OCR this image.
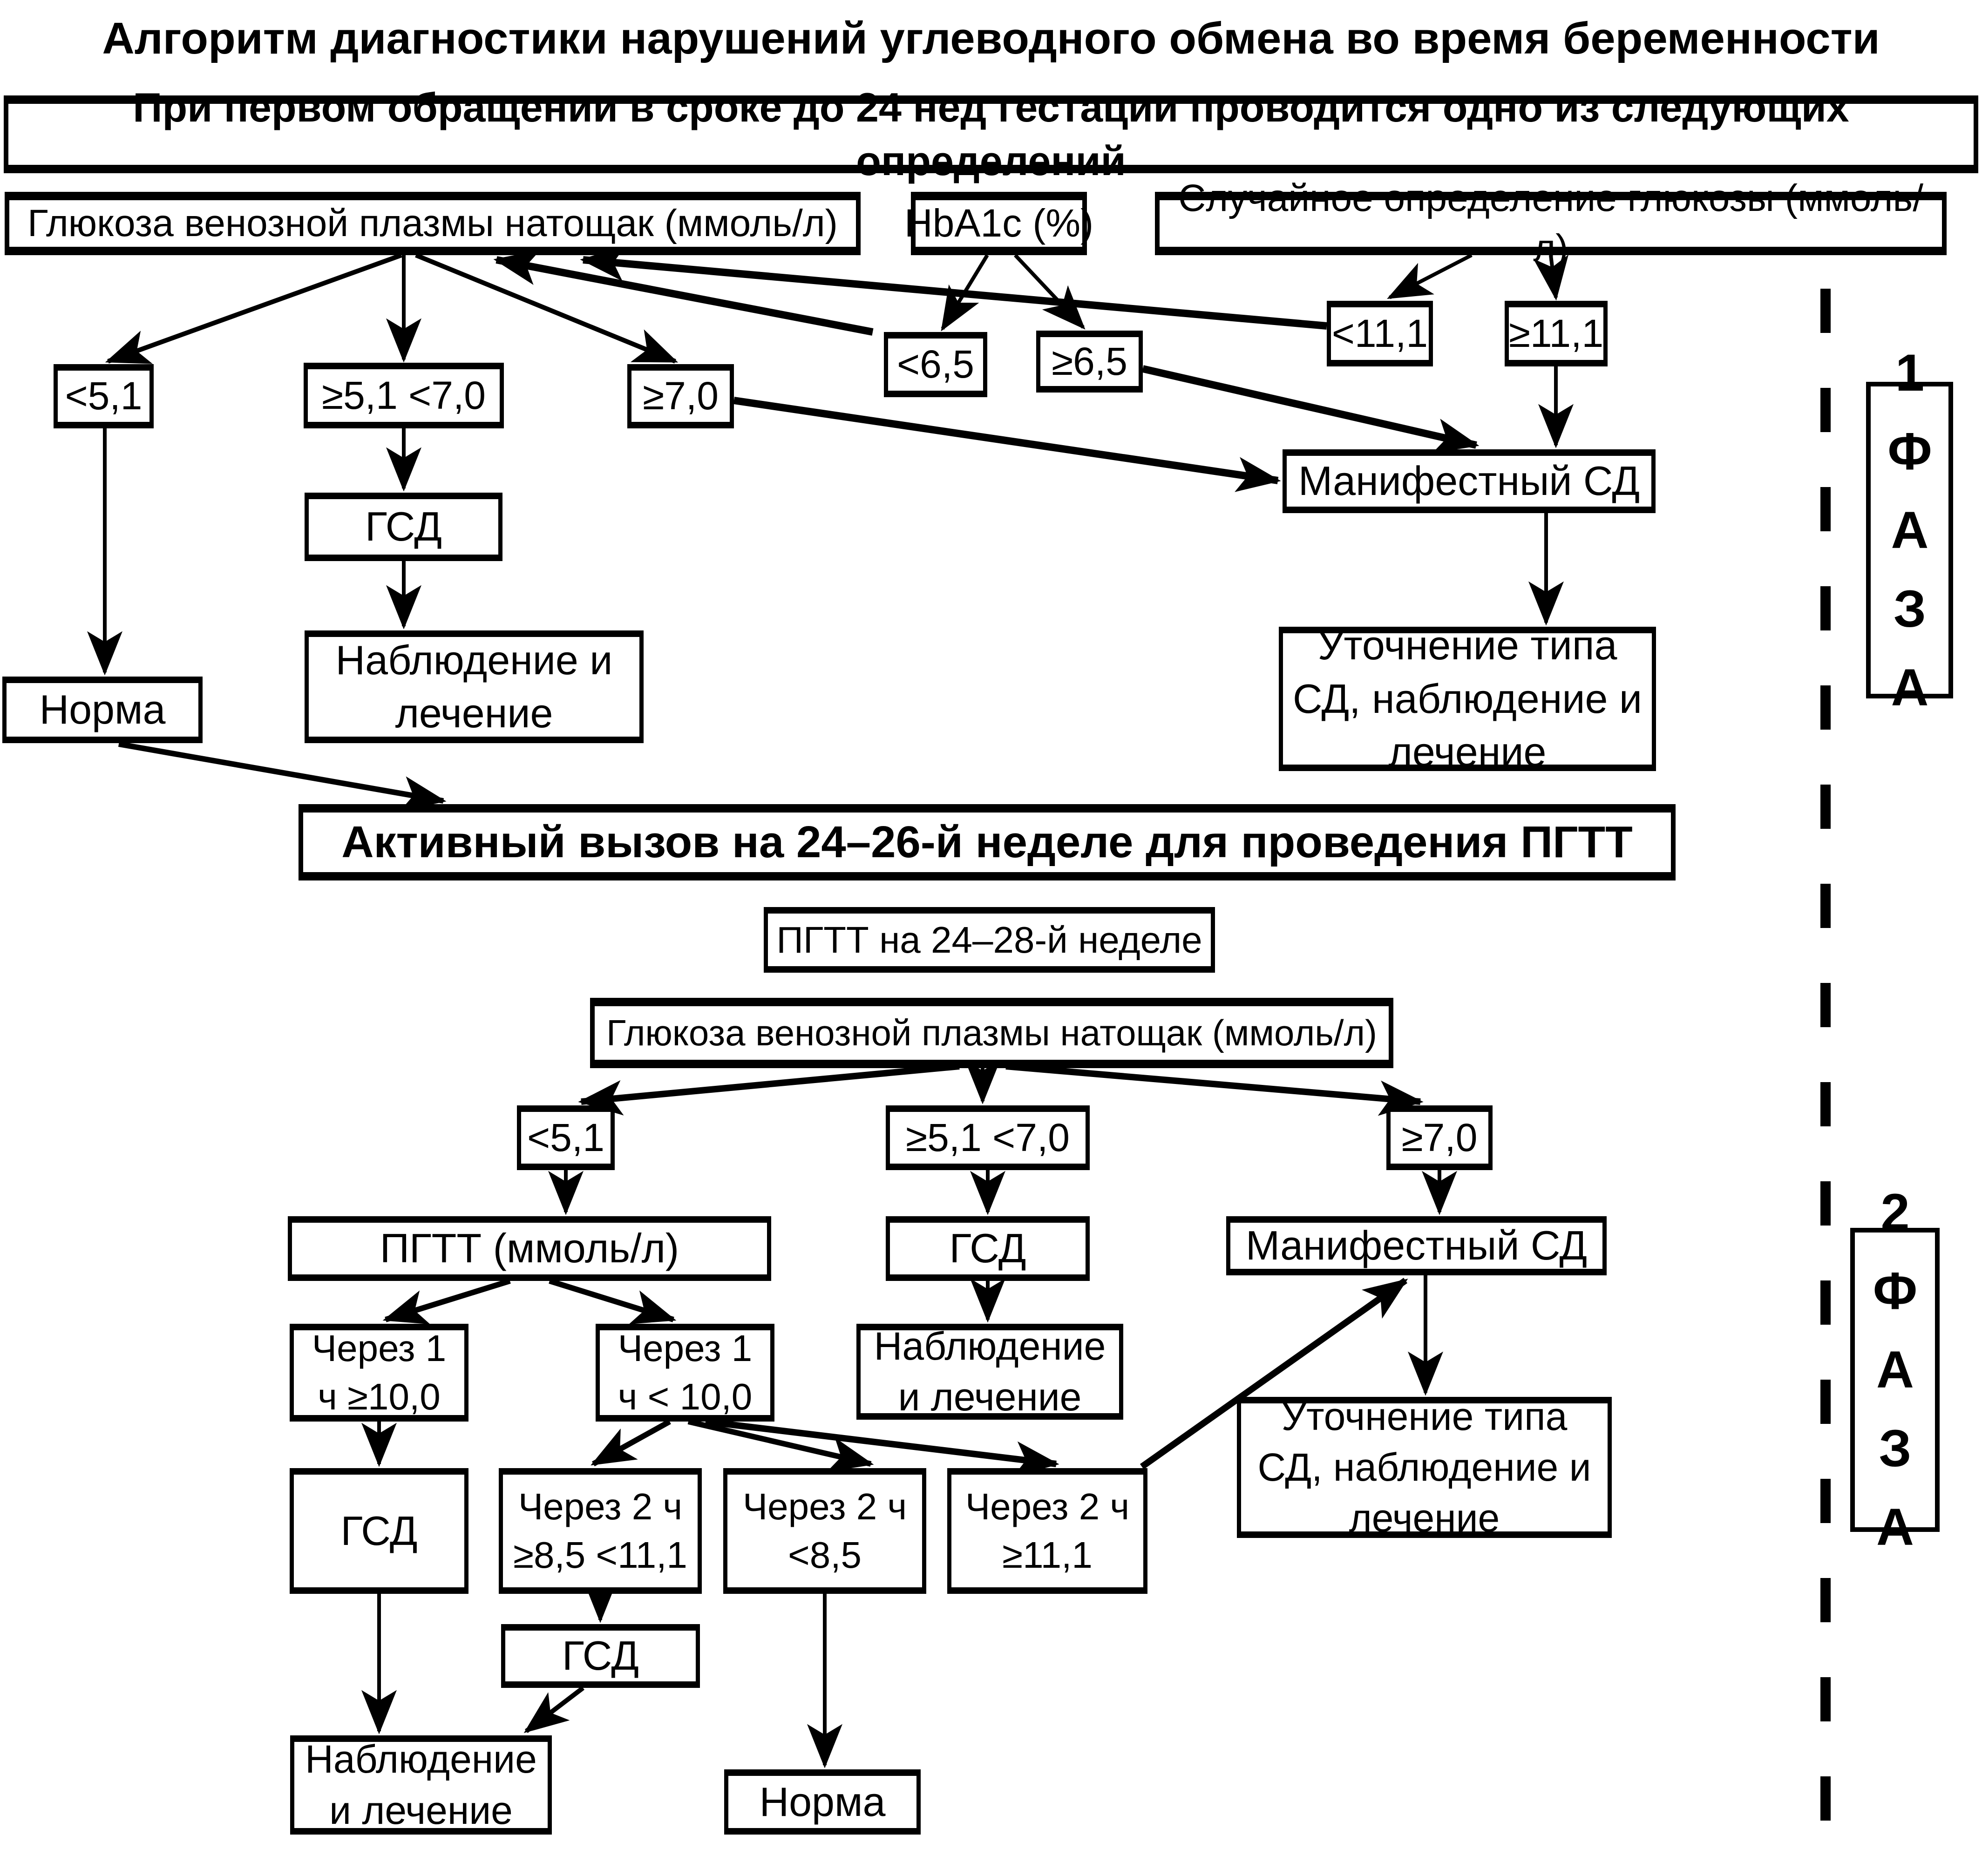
Алгоритм диагностики нарушений углеводного обмена во время беременности
При первом обращении в сроке до 24 нед гестации проводится одно из следующих определений
Глюкоза венозной плазмы натощак (ммоль/л)	HbA1c (%)
Случайное определение глюкозы (ммоль/л)
<5,1	≥5,1 <7,0	≥7,0
<6,5	≥6,5
<11,1 ≥11,1
Манифестный СД
ГСД
Наблюдение и лечение
Норма
Уточнение типа СД, наблюдение и лечение
1ФАЗА
Активный вызов на 24–26-й неделе для проведения ПГТТ
ПГТТ на 24–28-й неделе
Глюкоза венозной плазмы натощак (ммоль/л)
<5,1	≥5,1 <7,0	≥7,0
ПГТТ (ммоль/л)	ГСД	Манифестный СД
Через 1 ч ≥10,0
Через 1 ч < 10,0
Наблюдение и лечение	Уточнение типа СД, наблюдение и лечение
Через 2 ч ≥8,5 <11,1
Через 2 ч <8,5
Через 2 ч ≥11,1
ГСД
ГСД
Наблюдение и лечение	Норма
2ФАЗА
